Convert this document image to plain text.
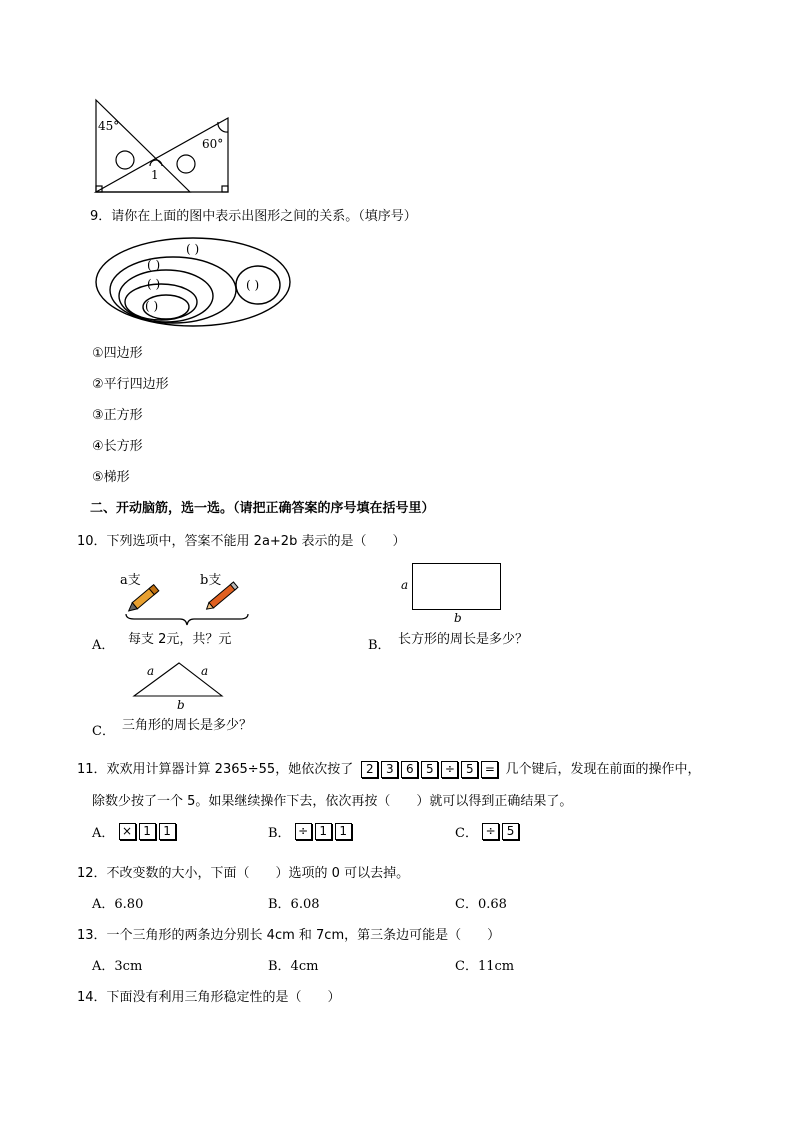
45°
60°
1
9．请你在上面的图中表示出图形之间的关系。（填序号）
( )
( )
( )
( )
( )
①四边形
②平行四边形
③正方形
④长方形
⑤梯形
二、开动脑筋，选一选。（请把正确答案的序号填在括号里）
10．下列选项中，答案不能用 2a+2b 表示的是（　　）
A．
a支	b支
每支 2元，共？元	B．
a
b
长方形的周长是多少？
C．
a	a
b
三角形的周长是多少？
11．欢欢用计算器计算 2365÷55，她依次按了 2 3 6 5 ÷ 5 = 几个键后，发现在前面的操作中，
除数少按了一个 5。如果继续操作下去，依次再按（　　）就可以得到正确结果了。
A． × 1 1	B． ÷ 1 1	C． ÷ 5
12．不改变数的大小，下面（　　）选项的 0 可以去掉。
A．6.80	B．6.08	C．0.68
13．一个三角形的两条边分别长 4cm 和 7cm，第三条边可能是（　　）
A．3cm	B．4cm	C．11cm
14．下面没有利用三角形稳定性的是（　　）
